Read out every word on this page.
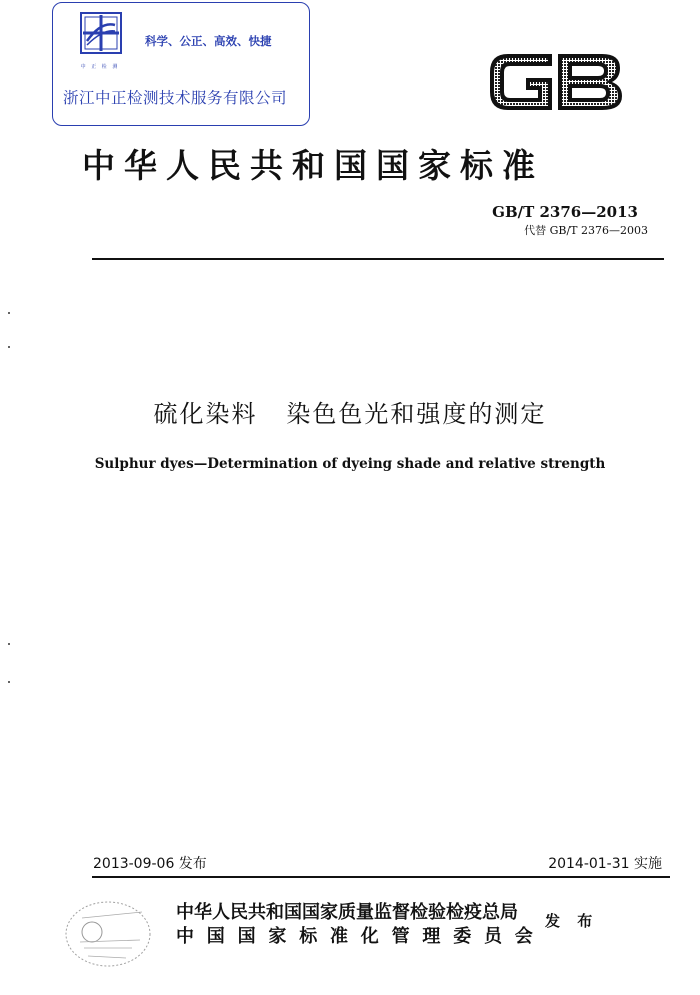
中 正 检 测
科学、公正、高效、快捷
浙江中正检测技术服务有限公司
中华人民共和国国家标准
GB/T 2376—2013
代替 GB/T 2376—2003
硫化染料   染色色光和强度的测定
Sulphur dyes—Determination of dyeing shade and relative strength
2013-09-06 发布	2014-01-31 实施
中华人民共和国国家质量监督检验检疫总局
中国国家标准化管理委员会
发 布
